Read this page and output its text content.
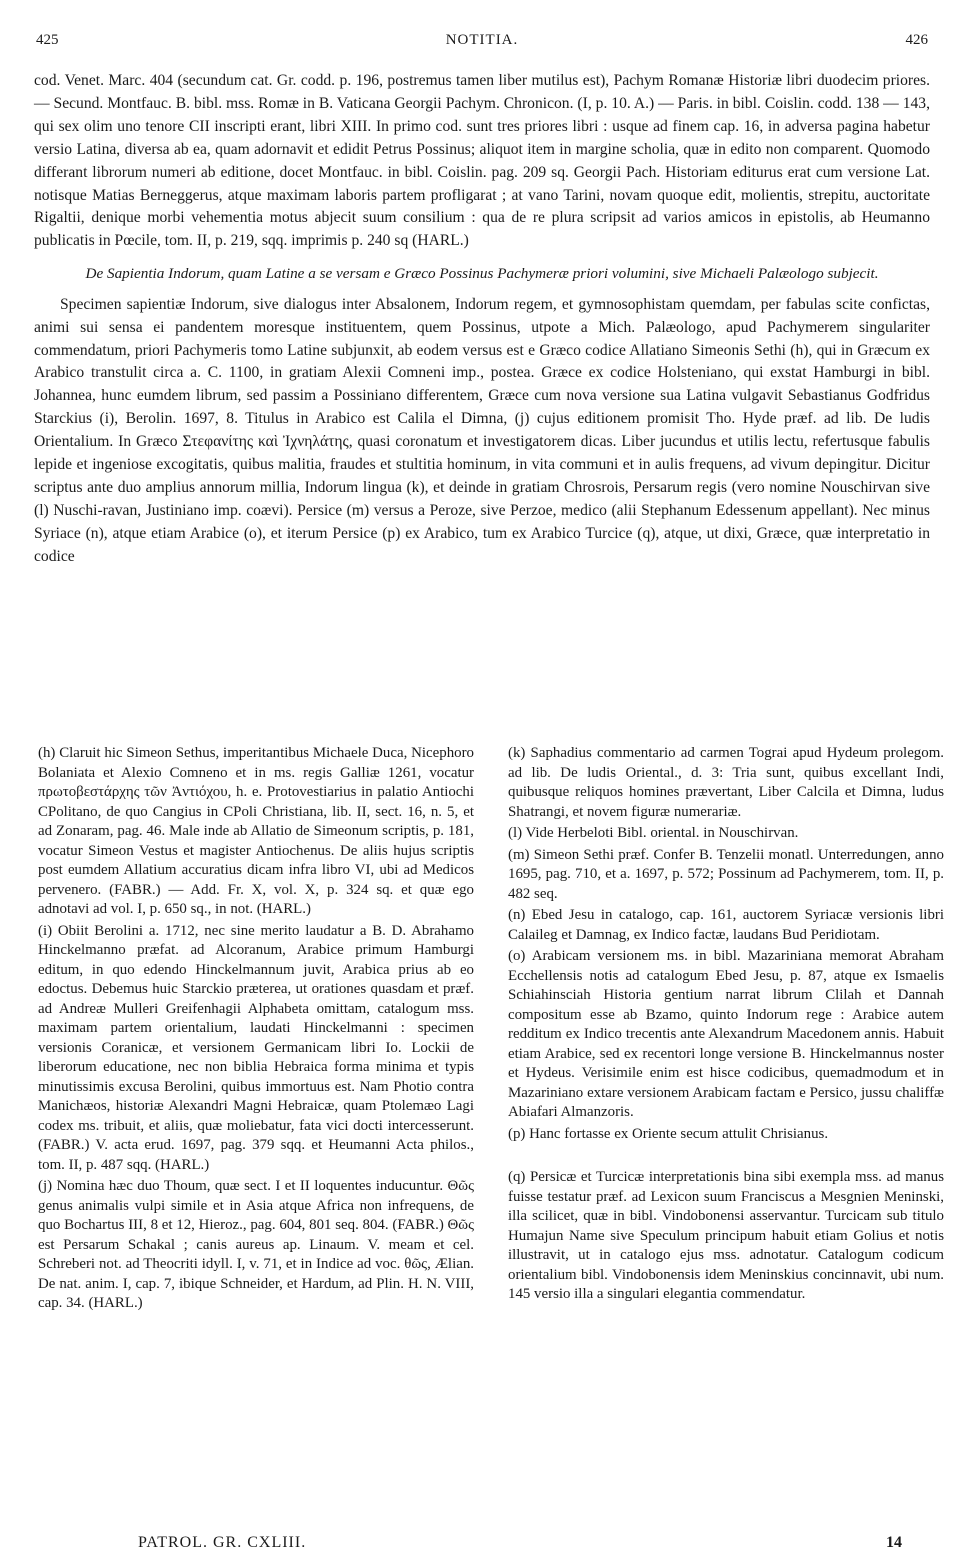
425	NOTITIA.	426

cod. Venet. Marc. 404 (secundum cat. Gr. codd. p. 196, postremus tamen liber mutilus est), Pachym Romanæ Historiæ libri duodecim priores. — Secund. Montfauc. B. bibl. mss. Romæ in B. Vaticana Georgii Pachym. Chronicon. (I, p. 10. A.) — Paris. in bibl. Coislin. codd. 138 — 143, qui sex olim uno tenore CII inscripti erant, libri XIII. In primo cod. sunt tres priores libri : usque ad finem cap. 16, in adversa pagina habetur versio Latina, diversa ab ea, quam adornavit et edidit Petrus Possinus; aliquot item in margine scholia, quæ in edito non comparent. Quomodo differant librorum numeri ab editione, docet Montfauc. in bibl. Coislin. pag. 209 sq. Georgii Pach. Historiam editurus erat cum versione Lat. notisque Matias Berneggerus, atque maximam laboris partem profligarat ; at vano Tarini, novam quoque edit, molientis, strepitu, auctoritate Rigaltii, denique morbi vehementia motus abjecit suum consilium : qua de re plura scripsit ad varios amicos in epistolis, ab Heumanno publicatis in Pœcile, tom. II, p. 219, sqq. imprimis p. 240 sq (HARL.)

De Sapientia Indorum, quam Latine a se versam e Græco Possinus Pachymeræ priori volumini, sive Michaeli Palæologo subjecit.

Specimen sapientiæ Indorum, sive dialogus inter Absalonem, Indorum regem, et gymnosophistam quemdam, per fabulas scite confictas, animi sui sensa ei pandentem moresque instituentem, quem Possinus, utpote a Mich. Palæologo, apud Pachymerem singulariter commendatum, priori Pachymeris tomo Latine subjunxit, ab eodem versus est e Græco codice Allatiano Simeonis Sethi (h), qui in Græcum ex Arabico transtulit circa a. C. 1100, in gratiam Alexii Comneni imp., postea. Græce ex codice Holsteniano, qui exstat Hamburgi in bibl. Johannea, hunc eumdem librum, sed passim a Possiniano differentem, Græce cum nova versione sua Latina vulgavit Sebastianus Godfridus Starckius (i), Berolin. 1697, 8. Titulus in Arabico est Calila el Dimna, (j) cujus editionem promisit Tho. Hyde præf. ad lib. De ludis Orientalium. In Græco Στεφανίτης καὶ Ἰχνηλάτης, quasi coronatum et investigatorem dicas. Liber jucundus et utilis lectu, refertusque fabulis lepide et ingeniose excogitatis, quibus malitia, fraudes et stultitia hominum, in vita communi et in aulis frequens, ad vivum depingitur. Dicitur scriptus ante duo amplius annorum millia, Indorum lingua (k), et deinde in gratiam Chrosrois, Persarum regis (vero nomine Nouschirvan sive (l) Nuschi-ravan, Justiniano imp. coævi). Persice (m) versus a Peroze, sive Perzoe, medico (alii Stephanum Edessenum appellant). Nec minus Syriace (n), atque etiam Arabice (o), et iterum Persice (p) ex Arabico, tum ex Arabico Turcice (q), atque, ut dixi, Græce, quæ interpretatio in codice

(h) Claruit hic Simeon Sethus, imperitantibus Michaele Duca, Nicephoro Bolaniata et Alexio Comneno et in ms. regis Galliæ 1261, vocatur πρωτοβεστάρχης τῶν Ἀντιόχου, h. e. Protovestiarius in palatio Antiochi CPolitano, de quo Cangius in CPoli Christiana, lib. II, sect. 16, n. 5, et ad Zonaram, pag. 46. Male inde ab Allatio de Simeonum scriptis, p. 181, vocatur Simeon Vestus et magister Antiochenus. De aliis hujus scriptis post eumdem Allatium accuratius dicam infra libro VI, ubi ad Medicos pervenero. (FABR.) — Add. Fr. X, vol. X, p. 324 sq. et quæ ego adnotavi ad vol. I, p. 650 sq., in not. (HARL.)

(i) Obiit Berolini a. 1712, nec sine merito laudatur a B. D. Abrahamo Hinckelmanno præfat. ad Alcoranum, Arabice primum Hamburgi editum, in quo edendo Hinckelmannum juvit, Arabica prius ab eo edoctus. Debemus huic Starckio præterea, ut orationes quasdam et præf. ad Andreæ Mulleri Greifenhagii Alphabeta omittam, catalogum mss. maximam partem orientalium, laudati Hinckelmanni : specimen versionis Coranicæ, et versionem Germanicam libri Io. Lockii de liberorum educatione, nec non biblia Hebraica forma minima et typis minutissimis excusa Berolini, quibus immortuus est. Nam Photio contra Manichæos, historiæ Alexandri Magni Hebraicæ, quam Ptolemæo Lagi codex ms. tribuit, et aliis, quæ moliebatur, fata vici docti intercesserunt. (FABR.) V. acta erud. 1697, pag. 379 sqq. et Heumanni Acta philos., tom. II, p. 487 sqq. (HARL.)

(j) Nomina hæc duo Thoum, quæ sect. I et II loquentes inducuntur. Θῶς genus animalis vulpi simile et in Asia atque Africa non infrequens, de quo Bochartus III, 8 et 12, Hieroz., pag. 604, 801 seq. 804. (FABR.) Θῶς est Persarum Schakal ; canis aureus ap. Linaum. V. meam et cel. Schreberi not. ad Theocriti idyll. I, v. 71, et in Indice ad voc. θῶς, Ælian. De nat. anim. I, cap. 7, ibique Schneider, et Hardum, ad Plin. H. N. VIII, cap. 34. (HARL.)

(k) Saphadius commentario ad carmen Tograi apud Hydeum prolegom. ad lib. De ludis Oriental., d. 3: Tria sunt, quibus excellant Indi, quibusque reliquos homines prævertant, Liber Calcila et Dimna, ludus Shatrangi, et novem figuræ numerariæ.

(l) Vide Herbeloti Bibl. oriental. in Nouschirvan.

(m) Simeon Sethi præf. Confer B. Tenzelii monatl. Unterredungen, anno 1695, pag. 710, et a. 1697, p. 572; Possinum ad Pachymerem, tom. II, p. 482 seq.

(n) Ebed Jesu in catalogo, cap. 161, auctorem Syriacæ versionis libri Calaileg et Damnag, ex Indico factæ, laudans Bud Peridiotam.

(o) Arabicam versionem ms. in bibl. Mazariniana memorat Abraham Ecchellensis notis ad catalogum Ebed Jesu, p. 87, atque ex Ismaelis Schiahinsciah Historia gentium narrat librum Clilah et Dannah compositum esse ab Bzamo, quinto Indorum rege : Arabice autem redditum ex Indico trecentis ante Alexandrum Macedonem annis. Habuit etiam Arabice, sed ex recentori longe versione B. Hinckelmannus noster et Hydeus. Verisimile enim est hisce codicibus, quemadmodum et in Mazariniano extare versionem Arabicam factam e Persico, jussu chaliffæ Abiafari Almanzoris.

(p) Hanc fortasse ex Oriente secum attulit Chrisianus.

(q) Persicæ et Turcicæ interpretationis bina sibi exempla mss. ad manus fuisse testatur præf. ad Lexicon suum Franciscus a Mesgnien Meninski, illa scilicet, quæ in bibl. Vindobonensi asservantur. Turcicam sub titulo Humajun Name sive Speculum principum habuit etiam Golius et notis illustravit, ut in catalogo ejus mss. adnotatur. Catalogum codicum orientalium bibl. Vindobonensis idem Meninskius concinnavit, ubi num. 145 versio illa a singulari elegantia commendatur.

PATROL. GR. CXLIII.	14
